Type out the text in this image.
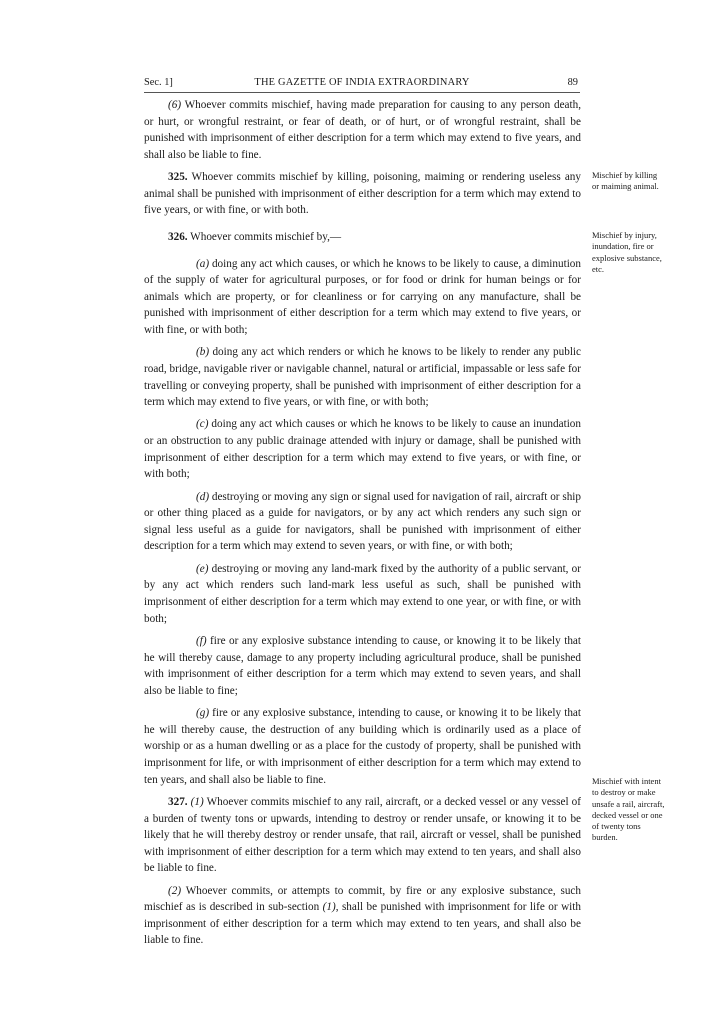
Sec. 1]	THE GAZETTE OF INDIA EXTRAORDINARY	89

(6) Whoever commits mischief, having made preparation for causing to any person death, or hurt, or wrongful restraint, or fear of death, or of hurt, or of wrongful restraint, shall be punished with imprisonment of either description for a term which may extend to five years, and shall also be liable to fine.

325. Whoever commits mischief by killing, poisoning, maiming or rendering useless any animal shall be punished with imprisonment of either description for a term which may extend to five years, or with fine, or with both.

326. Whoever commits mischief by,—

(a) doing any act which causes, or which he knows to be likely to cause, a diminution of the supply of water for agricultural purposes, or for food or drink for human beings or for animals which are property, or for cleanliness or for carrying on any manufacture, shall be punished with imprisonment of either description for a term which may extend to five years, or with fine, or with both;

(b) doing any act which renders or which he knows to be likely to render any public road, bridge, navigable river or navigable channel, natural or artificial, impassable or less safe for travelling or conveying property, shall be punished with imprisonment of either description for a term which may extend to five years, or with fine, or with both;

(c) doing any act which causes or which he knows to be likely to cause an inundation or an obstruction to any public drainage attended with injury or damage, shall be punished with imprisonment of either description for a term which may extend to five years, or with fine, or with both;

(d) destroying or moving any sign or signal used for navigation of rail, aircraft or ship or other thing placed as a guide for navigators, or by any act which renders any such sign or signal less useful as a guide for navigators, shall be punished with imprisonment of either description for a term which may extend to seven years, or with fine, or with both;

(e) destroying or moving any land-mark fixed by the authority of a public servant, or by any act which renders such land-mark less useful as such, shall be punished with imprisonment of either description for a term which may extend to one year, or with fine, or with both;

(f) fire or any explosive substance intending to cause, or knowing it to be likely that he will thereby cause, damage to any property including agricultural produce, shall be punished with imprisonment of either description for a term which may extend to seven years, and shall also be liable to fine;

(g) fire or any explosive substance, intending to cause, or knowing it to be likely that he will thereby cause, the destruction of any building which is ordinarily used as a place of worship or as a human dwelling or as a place for the custody of property, shall be punished with imprisonment for life, or with imprisonment of either description for a term which may extend to ten years, and shall also be liable to fine.

327. (1) Whoever commits mischief to any rail, aircraft, or a decked vessel or any vessel of a burden of twenty tons or upwards, intending to destroy or render unsafe, or knowing it to be likely that he will thereby destroy or render unsafe, that rail, aircraft or vessel, shall be punished with imprisonment of either description for a term which may extend to ten years, and shall also be liable to fine.

(2) Whoever commits, or attempts to commit, by fire or any explosive substance, such mischief as is described in sub-section (1), shall be punished with imprisonment for life or with imprisonment of either description for a term which may extend to ten years, and shall also be liable to fine.

Mischief by killing or maiming animal.
Mischief by injury, inundation, fire or explosive substance, etc.
Mischief with intent to destroy or make unsafe a rail, aircraft, decked vessel or one of twenty tons burden.
